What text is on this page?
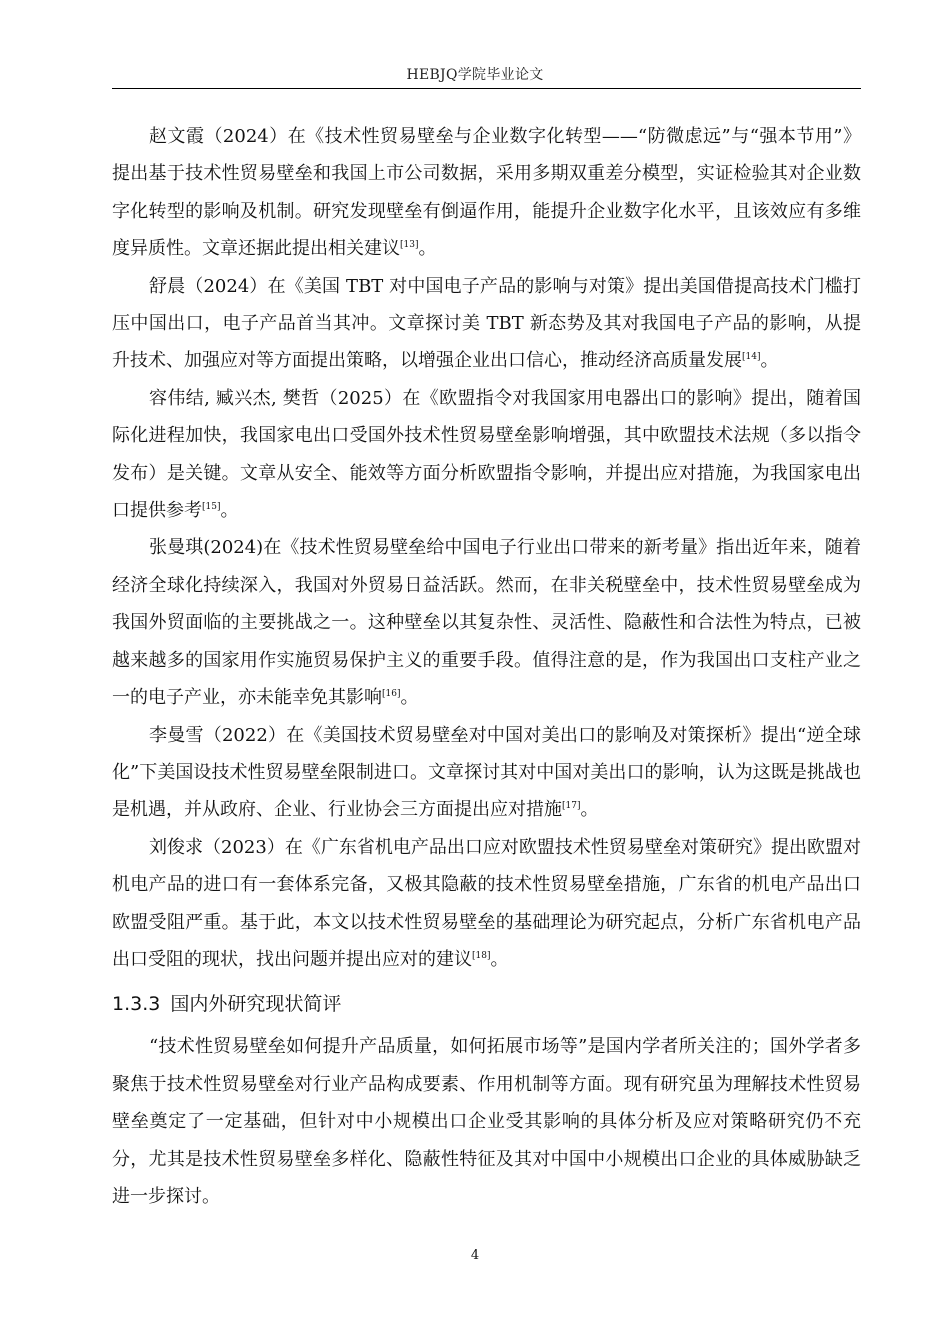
HEBJQ学院毕业论文

赵文霞（2024）在《技术性贸易壁垒与企业数字化转型——“防微虑远”与“强本节用”》提出基于技术性贸易壁垒和我国上市公司数据，采用多期双重差分模型，实证检验其对企业数字化转型的影响及机制。研究发现壁垒有倒逼作用，能提升企业数字化水平，且该效应有多维度异质性。文章还据此提出相关建议[13]。

舒晨（2024）在《美国 TBT 对中国电子产品的影响与对策》提出美国借提高技术门槛打压中国出口，电子产品首当其冲。文章探讨美 TBT 新态势及其对我国电子产品的影响，从提升技术、加强应对等方面提出策略，以增强企业出口信心，推动经济高质量发展[14]。

容伟结, 臧兴杰, 樊哲（2025）在《欧盟指令对我国家用电器出口的影响》提出，随着国际化进程加快，我国家电出口受国外技术性贸易壁垒影响增强，其中欧盟技术法规（多以指令发布）是关键。文章从安全、能效等方面分析欧盟指令影响，并提出应对措施，为我国家电出口提供参考[15]。

张曼琪(2024)在《技术性贸易壁垒给中国电子行业出口带来的新考量》指出近年来，随着经济全球化持续深入，我国对外贸易日益活跃。然而，在非关税壁垒中，技术性贸易壁垒成为我国外贸面临的主要挑战之一。这种壁垒以其复杂性、灵活性、隐蔽性和合法性为特点，已被越来越多的国家用作实施贸易保护主义的重要手段。值得注意的是，作为我国出口支柱产业之一的电子产业，亦未能幸免其影响[16]。

李曼雪（2022）在《美国技术贸易壁垒对中国对美出口的影响及对策探析》提出“逆全球化”下美国设技术性贸易壁垒限制进口。文章探讨其对中国对美出口的影响，认为这既是挑战也是机遇，并从政府、企业、行业协会三方面提出应对措施[17]。

刘俊求（2023）在《广东省机电产品出口应对欧盟技术性贸易壁垒对策研究》提出欧盟对机电产品的进口有一套体系完备，又极其隐蔽的技术性贸易壁垒措施，广东省的机电产品出口欧盟受阻严重。基于此，本文以技术性贸易壁垒的基础理论为研究起点，分析广东省机电产品出口受阻的现状，找出问题并提出应对的建议[18]。

1.3.3 国内外研究现状简评

“技术性贸易壁垒如何提升产品质量，如何拓展市场等”是国内学者所关注的；国外学者多聚焦于技术性贸易壁垒对行业产品构成要素、作用机制等方面。现有研究虽为理解技术性贸易壁垒奠定了一定基础，但针对中小规模出口企业受其影响的具体分析及应对策略研究仍不充分，尤其是技术性贸易壁垒多样化、隐蔽性特征及其对中国中小规模出口企业的具体威胁缺乏进一步探讨。

4
